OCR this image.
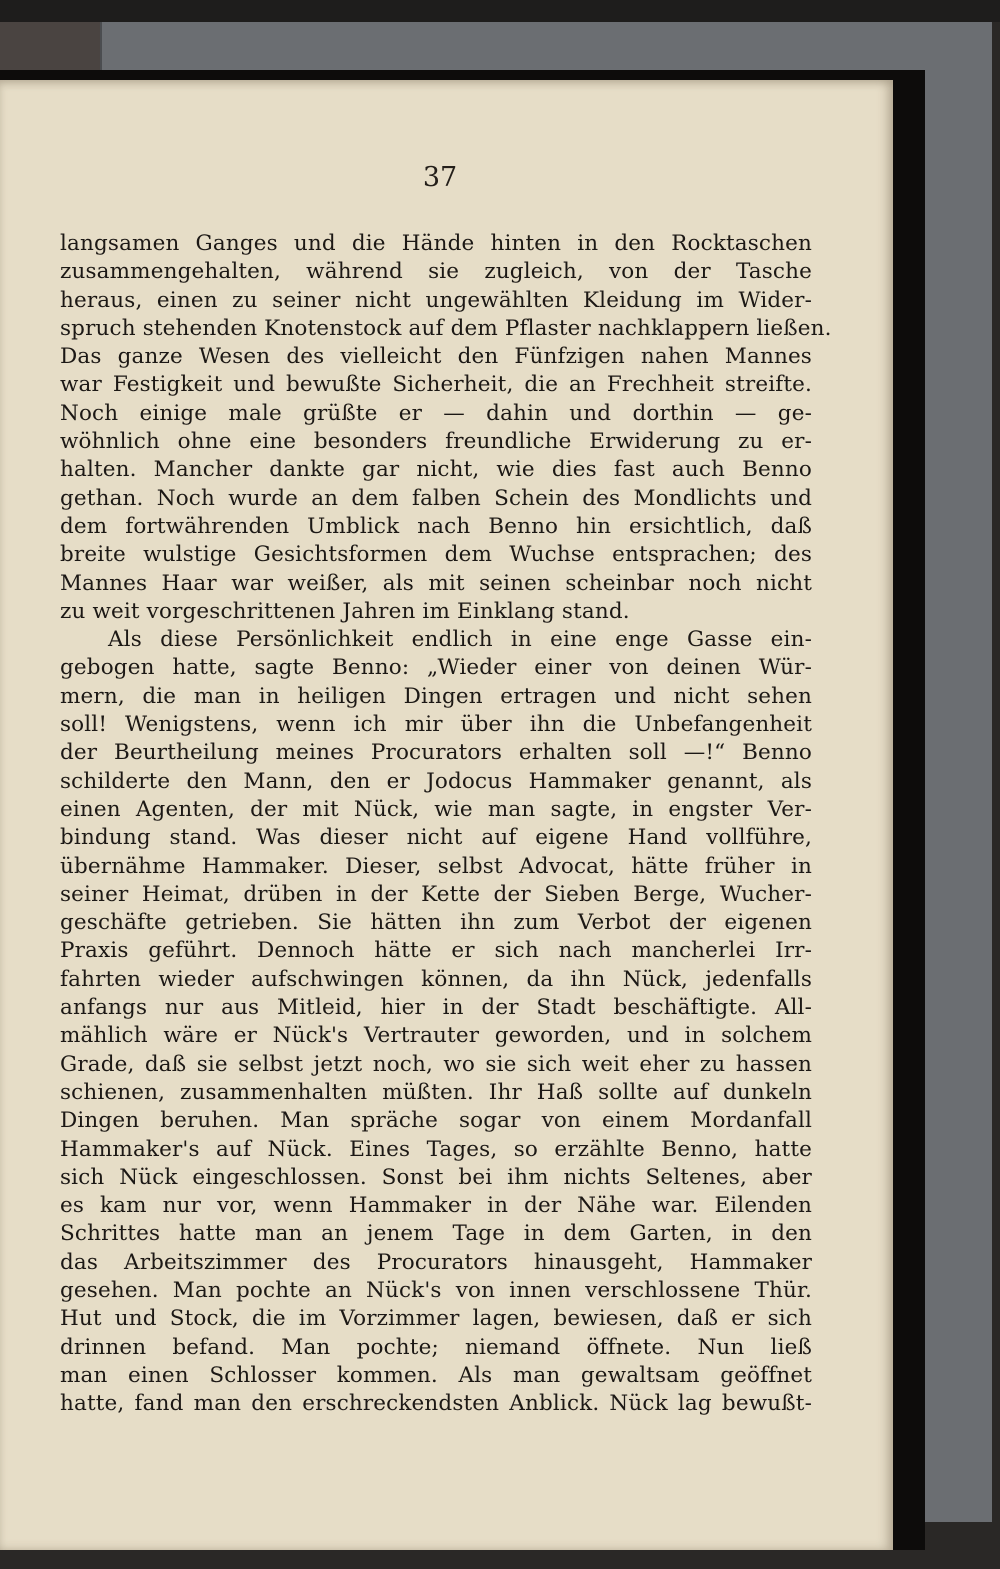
37
langsamen Ganges und die Hände hinten in den Rocktaschen
zusammengehalten, während sie zugleich, von der Tasche
heraus, einen zu seiner nicht ungewählten Kleidung im Wider-
spruch stehenden Knotenstock auf dem Pflaster nachklappern ließen.
Das ganze Wesen des vielleicht den Fünfzigen nahen Mannes
war Festigkeit und bewußte Sicherheit, die an Frechheit streifte.
Noch einige male grüßte er — dahin und dorthin — ge-
wöhnlich ohne eine besonders freundliche Erwiderung zu er-
halten. Mancher dankte gar nicht, wie dies fast auch Benno
gethan. Noch wurde an dem falben Schein des Mondlichts und
dem fortwährenden Umblick nach Benno hin ersichtlich, daß
breite wulstige Gesichtsformen dem Wuchse entsprachen; des
Mannes Haar war weißer, als mit seinen scheinbar noch nicht
zu weit vorgeschrittenen Jahren im Einklang stand.
Als diese Persönlichkeit endlich in eine enge Gasse ein-
gebogen hatte, sagte Benno: „Wieder einer von deinen Wür-
mern, die man in heiligen Dingen ertragen und nicht sehen
soll! Wenigstens, wenn ich mir über ihn die Unbefangenheit
der Beurtheilung meines Procurators erhalten soll —!“ Benno
schilderte den Mann, den er Jodocus Hammaker genannt, als
einen Agenten, der mit Nück, wie man sagte, in engster Ver-
bindung stand. Was dieser nicht auf eigene Hand vollführe,
übernähme Hammaker. Dieser, selbst Advocat, hätte früher in
seiner Heimat, drüben in der Kette der Sieben Berge, Wucher-
geschäfte getrieben. Sie hätten ihn zum Verbot der eigenen
Praxis geführt. Dennoch hätte er sich nach mancherlei Irr-
fahrten wieder aufschwingen können, da ihn Nück, jedenfalls
anfangs nur aus Mitleid, hier in der Stadt beschäftigte. All-
mählich wäre er Nück's Vertrauter geworden, und in solchem
Grade, daß sie selbst jetzt noch, wo sie sich weit eher zu hassen
schienen, zusammenhalten müßten. Ihr Haß sollte auf dunkeln
Dingen beruhen. Man spräche sogar von einem Mordanfall
Hammaker's auf Nück. Eines Tages, so erzählte Benno, hatte
sich Nück eingeschlossen. Sonst bei ihm nichts Seltenes, aber
es kam nur vor, wenn Hammaker in der Nähe war. Eilenden
Schrittes hatte man an jenem Tage in dem Garten, in den
das Arbeitszimmer des Procurators hinausgeht, Hammaker
gesehen. Man pochte an Nück's von innen verschlossene Thür.
Hut und Stock, die im Vorzimmer lagen, bewiesen, daß er sich
drinnen befand. Man pochte; niemand öffnete. Nun ließ
man einen Schlosser kommen. Als man gewaltsam geöffnet
hatte, fand man den erschreckendsten Anblick. Nück lag bewußt-
